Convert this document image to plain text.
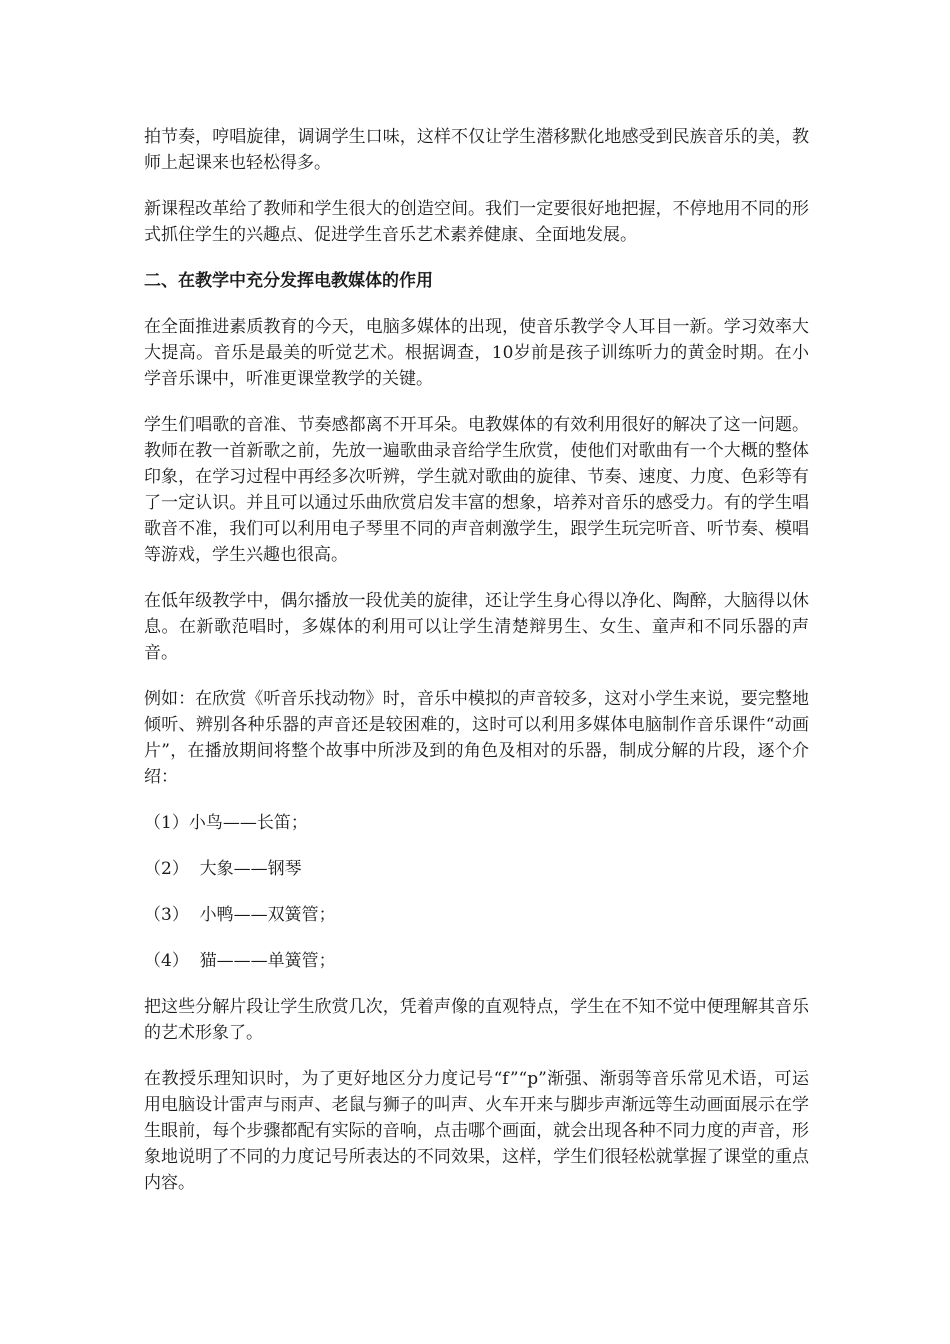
拍节奏，哼唱旋律，调调学生口味，这样不仅让学生潜移默化地感受到民族音乐的美，教师上起课来也轻松得多。

新课程改革给了教师和学生很大的创造空间。我们一定要很好地把握，不停地用不同的形式抓住学生的兴趣点、促进学生音乐艺术素养健康、全面地发展。

二、在教学中充分发挥电教媒体的作用

在全面推进素质教育的今天，电脑多媒体的出现，使音乐教学令人耳目一新。学习效率大大提高。音乐是最美的听觉艺术。根据调查，10岁前是孩子训练听力的黄金时期。在小学音乐课中，听准更课堂教学的关键。

学生们唱歌的音准、节奏感都离不开耳朵。电教媒体的有效利用很好的解决了这一问题。教师在教一首新歌之前，先放一遍歌曲录音给学生欣赏，使他们对歌曲有一个大概的整体印象，在学习过程中再经多次听辨，学生就对歌曲的旋律、节奏、速度、力度、色彩等有了一定认识。并且可以通过乐曲欣赏启发丰富的想象，培养对音乐的感受力。有的学生唱歌音不准，我们可以利用电子琴里不同的声音刺激学生，跟学生玩完听音、听节奏、模唱等游戏，学生兴趣也很高。

在低年级教学中，偶尔播放一段优美的旋律，还让学生身心得以净化、陶醉，大脑得以休息。在新歌范唱时，多媒体的利用可以让学生清楚辩男生、女生、童声和不同乐器的声音。

例如：在欣赏《听音乐找动物》时，音乐中模拟的声音较多，这对小学生来说，要完整地倾听、辨别各种乐器的声音还是较困难的，这时可以利用多媒体电脑制作音乐课件“动画片”，在播放期间将整个故事中所涉及到的角色及相对的乐器，制成分解的片段，逐个介绍：

（1）小鸟——长笛；

（2）  大象——钢琴

（3）  小鸭——双簧管；

（4）  猫———单簧管；

把这些分解片段让学生欣赏几次，凭着声像的直观特点，学生在不知不觉中便理解其音乐的艺术形象了。

在教授乐理知识时，为了更好地区分力度记号“f”“p”渐强、渐弱等音乐常见术语，可运用电脑设计雷声与雨声、老鼠与狮子的叫声、火车开来与脚步声渐远等生动画面展示在学生眼前，每个步骤都配有实际的音响，点击哪个画面，就会出现各种不同力度的声音，形象地说明了不同的力度记号所表达的不同效果，这样，学生们很轻松就掌握了课堂的重点内容。
